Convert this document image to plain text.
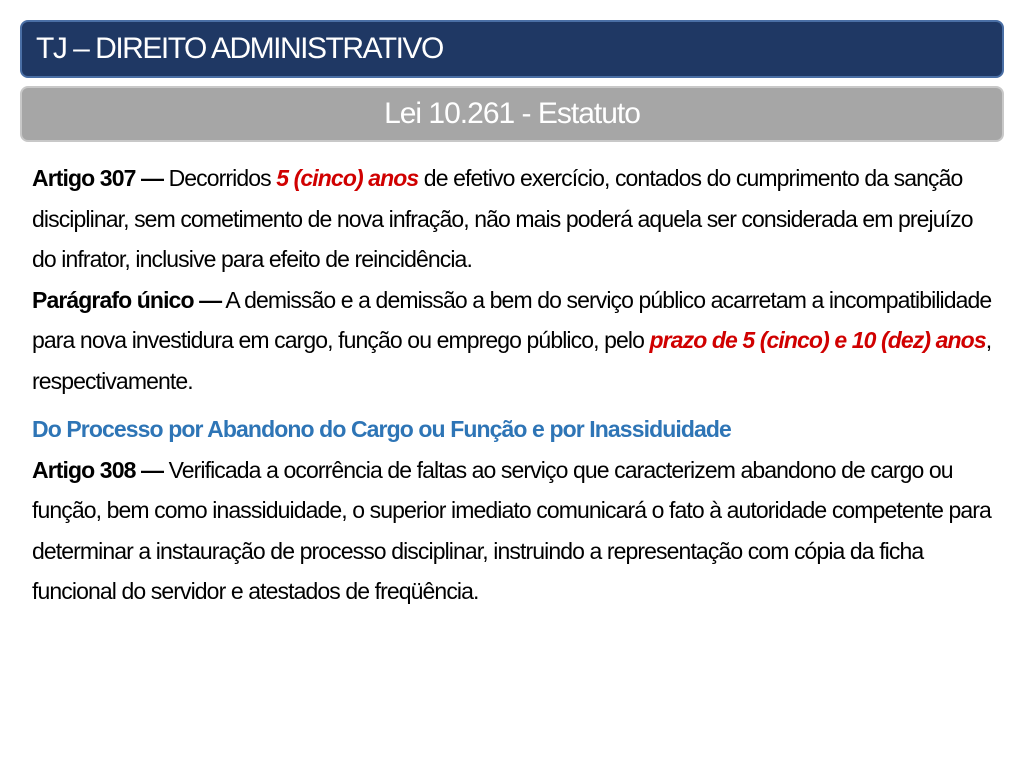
TJ – DIREITO ADMINISTRATIVO
Lei 10.261 - Estatuto

Artigo 307 — Decorridos 5 (cinco) anos de efetivo exercício, contados do cumprimento da sanção disciplinar, sem cometimento de nova infração, não mais poderá aquela ser considerada em prejuízo do infrator, inclusive para efeito de reincidência.

Parágrafo único — A demissão e a demissão a bem do serviço público acarretam a incompatibilidade para nova investidura em cargo, função ou emprego público, pelo prazo de 5 (cinco) e 10 (dez) anos, respectivamente.

Do Processo por Abandono do Cargo ou Função e por Inassiduidade

Artigo 308 — Verificada a ocorrência de faltas ao serviço que caracterizem abandono de cargo ou função, bem como inassiduidade, o superior imediato comunicará o fato à autoridade competente para determinar a instauração de processo disciplinar, instruindo a representação com cópia da ficha funcional do servidor e atestados de freqüência.
